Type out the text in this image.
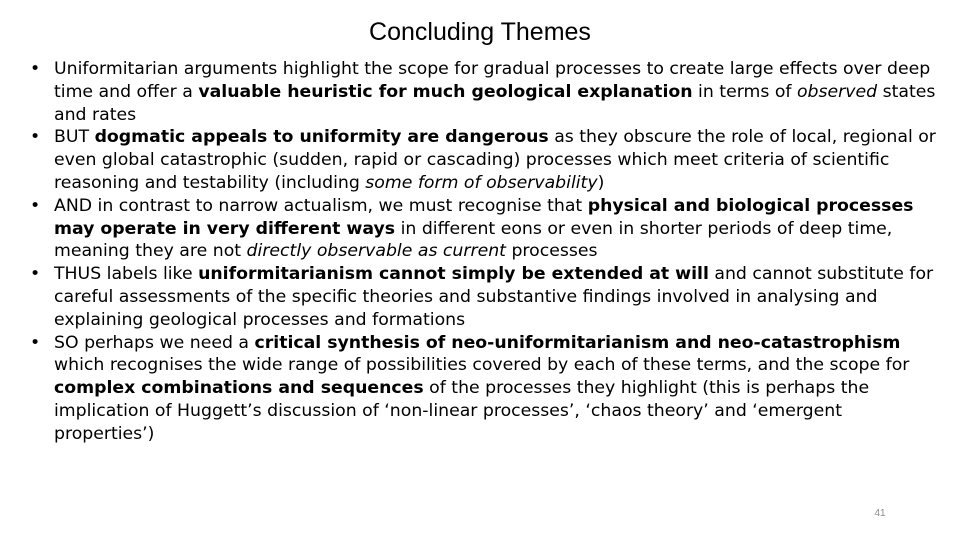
Concluding Themes
• Uniformitarian arguments highlight the scope for gradual processes to create large effects over deep time and offer a valuable heuristic for much geological explanation in terms of observed states and rates
• BUT dogmatic appeals to uniformity are dangerous as they obscure the role of local, regional or even global catastrophic (sudden, rapid or cascading) processes which meet criteria of scientific reasoning and testability (including some form of observability)
• AND in contrast to narrow actualism, we must recognise that physical and biological processes may operate in very different ways in different eons or even in shorter periods of deep time, meaning they are not directly observable as current processes
• THUS labels like uniformitarianism cannot simply be extended at will and cannot substitute for careful assessments of the specific theories and substantive findings involved in analysing and explaining geological processes and formations
• SO perhaps we need a critical synthesis of neo-uniformitarianism and neo-catastrophism which recognises the wide range of possibilities covered by each of these terms, and the scope for complex combinations and sequences of the processes they highlight (this is perhaps the implication of Huggett’s discussion of ‘non-linear processes’, ‘chaos theory’ and ‘emergent properties’)
41
